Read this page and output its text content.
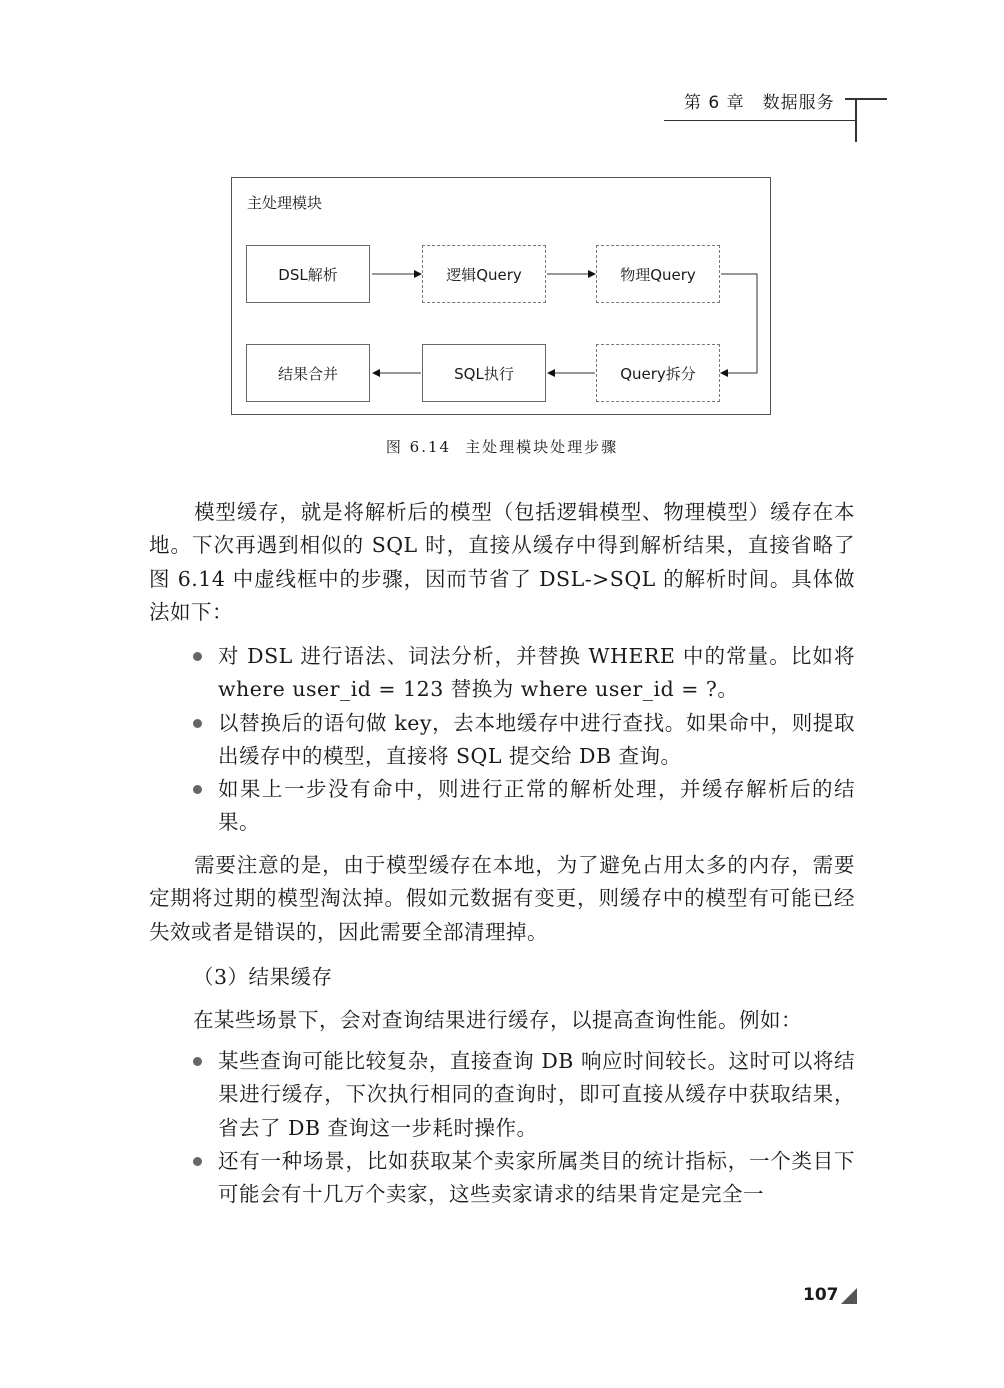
第 6 章 数据服务
主处理模块
DSL解析	逻辑Query	物理Query
Query拆分
SQL执行
结果合并
图 6.14 主处理模块处理步骤

模型缓存，就是将解析后的模型（包括逻辑模型、物理模型）缓存在本地。下次再遇到相似的 SQL 时，直接从缓存中得到解析结果，直接省略了图 6.14 中虚线框中的步骤，因而节省了 DSL->SQL 的解析时间。具体做法如下：

对 DSL 进行语法、词法分析，并替换 WHERE 中的常量。比如将 where user_id = 123 替换为 where user_id = ?。
以替换后的语句做 key，去本地缓存中进行查找。如果命中，则提取出缓存中的模型，直接将 SQL 提交给 DB 查询。
如果上一步没有命中，则进行正常的解析处理，并缓存解析后的结果。

需要注意的是，由于模型缓存在本地，为了避免占用太多的内存，需要定期将过期的模型淘汰掉。假如元数据有变更，则缓存中的模型有可能已经失效或者是错误的，因此需要全部清理掉。

（3）结果缓存
在某些场景下，会对查询结果进行缓存，以提高查询性能。例如：
某些查询可能比较复杂，直接查询 DB 响应时间较长。这时可以将结果进行缓存，下次执行相同的查询时，即可直接从缓存中获取结果，省去了 DB 查询这一步耗时操作。
还有一种场景，比如获取某个卖家所属类目的统计指标，一个类目下可能会有十几万个卖家，这些卖家请求的结果肯定是完全一
107
